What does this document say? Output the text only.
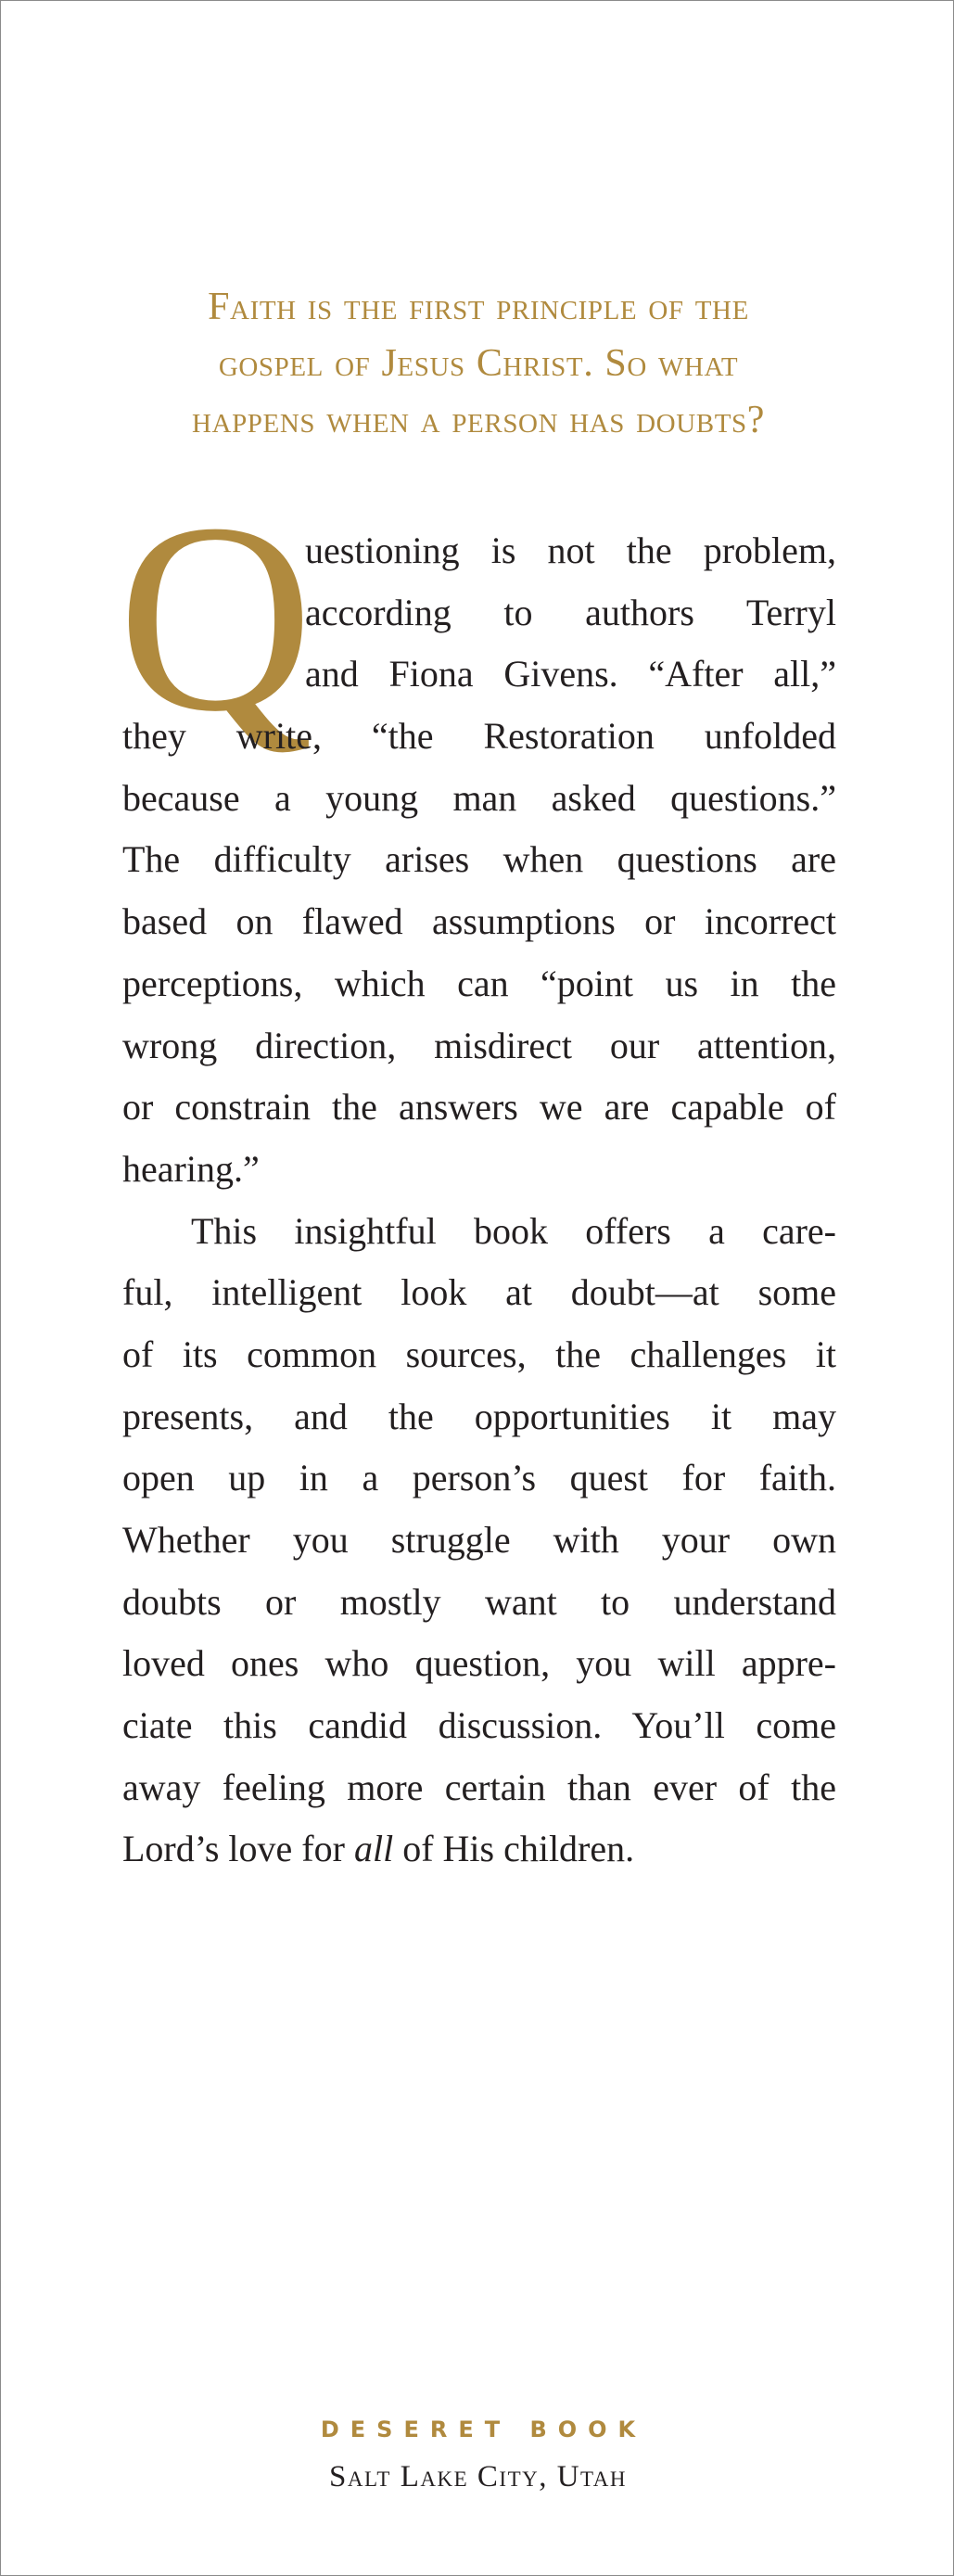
Faith is the first principle of the
gospel of Jesus Christ. So what
happens when a person has doubts?
Q
uestioning is not the problem,
according to authors Terryl
and Fiona Givens. “After all,”
they write, “the Restoration unfolded
because a young man asked questions.”
The difficulty arises when questions are
based on flawed assumptions or incorrect
perceptions, which can “point us in the
wrong direction, misdirect our attention,
or constrain the answers we are capable of
hearing.”
This insightful book offers a care-
ful, intelligent look at doubt—at some
of its common sources, the challenges it
presents, and the opportunities it may
open up in a person’s quest for faith.
Whether you struggle with your own
doubts or mostly want to understand
loved ones who question, you will appre-
ciate this candid discussion. You’ll come
away feeling more certain than ever of the
Lord’s love for all of His children.
DESERET BOOK
Salt Lake City, Utah
